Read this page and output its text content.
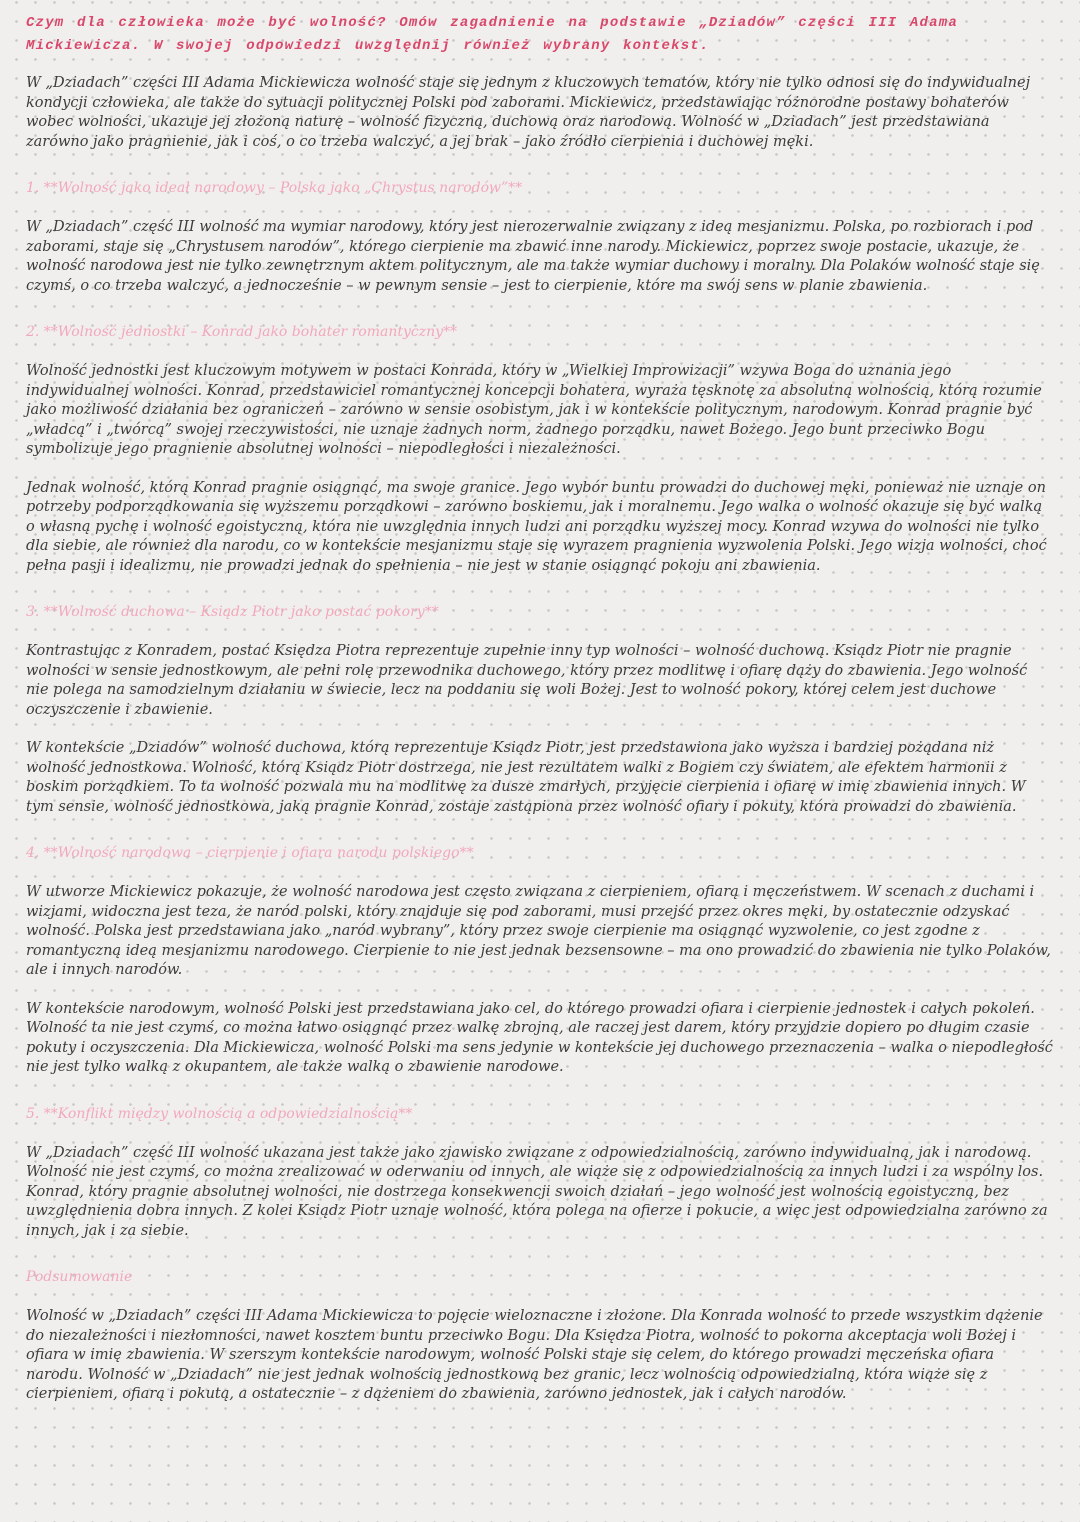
Czym dla człowieka może być wolność? Omów zagadnienie na podstawie „Dziadów” części III Adama Mickiewicza. W swojej odpowiedzi uwzględnij również wybrany kontekst.

W „Dziadach” części III Adama Mickiewicza wolność staje się jednym z kluczowych tematów, który nie tylko odnosi się do indywidualnej kondycji człowieka, ale także do sytuacji politycznej Polski pod zaborami. Mickiewicz, przedstawiając różnorodne postawy bohaterów wobec wolności, ukazuje jej złożoną naturę – wolność fizyczną, duchową oraz narodową. Wolność w „Dziadach” jest przedstawiana zarówno jako pragnienie, jak i coś, o co trzeba walczyć, a jej brak – jako źródło cierpienia i duchowej męki.

1. **Wolność jako ideał narodowy – Polska jako „Chrystus narodów”**

W „Dziadach” część III wolność ma wymiar narodowy, który jest nierozerwalnie związany z ideą mesjanizmu. Polska, po rozbiorach i pod zaborami, staje się „Chrystusem narodów”, którego cierpienie ma zbawić inne narody. Mickiewicz, poprzez swoje postacie, ukazuje, że wolność narodowa jest nie tylko zewnętrznym aktem politycznym, ale ma także wymiar duchowy i moralny. Dla Polaków wolność staje się czymś, o co trzeba walczyć, a jednocześnie – w pewnym sensie – jest to cierpienie, które ma swój sens w planie zbawienia.

2. **Wolność jednostki – Konrad jako bohater romantyczny**

Wolność jednostki jest kluczowym motywem w postaci Konrada, który w „Wielkiej Improwizacji” wzywa Boga do uznania jego indywidualnej wolności. Konrad, przedstawiciel romantycznej koncepcji bohatera, wyraża tęsknotę za absolutną wolnością, którą rozumie jako możliwość działania bez ograniczeń – zarówno w sensie osobistym, jak i w kontekście politycznym, narodowym. Konrad pragnie być „władcą” i „twórcą” swojej rzeczywistości, nie uznaje żadnych norm, żadnego porządku, nawet Bożego. Jego bunt przeciwko Bogu symbolizuje jego pragnienie absolutnej wolności – niepodległości i niezależności.

Jednak wolność, którą Konrad pragnie osiągnąć, ma swoje granice. Jego wybór buntu prowadzi do duchowej męki, ponieważ nie uznaje on potrzeby podporządkowania się wyższemu porządkowi – zarówno boskiemu, jak i moralnemu. Jego walka o wolność okazuje się być walką o własną pychę i wolność egoistyczną, która nie uwzględnia innych ludzi ani porządku wyższej mocy. Konrad wzywa do wolności nie tylko dla siebie, ale również dla narodu, co w kontekście mesjanizmu staje się wyrazem pragnienia wyzwolenia Polski. Jego wizja wolności, choć pełna pasji i idealizmu, nie prowadzi jednak do spełnienia – nie jest w stanie osiągnąć pokoju ani zbawienia.

3. **Wolność duchowa – Ksiądz Piotr jako postać pokory**

Kontrastując z Konradem, postać Księdza Piotra reprezentuje zupełnie inny typ wolności – wolność duchową. Ksiądz Piotr nie pragnie wolności w sensie jednostkowym, ale pełni rolę przewodnika duchowego, który przez modlitwę i ofiarę dąży do zbawienia. Jego wolność nie polega na samodzielnym działaniu w świecie, lecz na poddaniu się woli Bożej. Jest to wolność pokory, której celem jest duchowe oczyszczenie i zbawienie.

W kontekście „Dziadów” wolność duchowa, którą reprezentuje Ksiądz Piotr, jest przedstawiona jako wyższa i bardziej pożądana niż wolność jednostkowa. Wolność, którą Ksiądz Piotr dostrzega, nie jest rezultatem walki z Bogiem czy światem, ale efektem harmonii z boskim porządkiem. To ta wolność pozwala mu na modlitwę za dusze zmarłych, przyjęcie cierpienia i ofiarę w imię zbawienia innych. W tym sensie, wolność jednostkowa, jaką pragnie Konrad, zostaje zastąpiona przez wolność ofiary i pokuty, która prowadzi do zbawienia.

4. **Wolność narodowa – cierpienie i ofiara narodu polskiego**

W utworze Mickiewicz pokazuje, że wolność narodowa jest często związana z cierpieniem, ofiarą i męczeństwem. W scenach z duchami i wizjami, widoczna jest teza, że naród polski, który znajduje się pod zaborami, musi przejść przez okres męki, by ostatecznie odzyskać wolność. Polska jest przedstawiana jako „naród wybrany”, który przez swoje cierpienie ma osiągnąć wyzwolenie, co jest zgodne z romantyczną ideą mesjanizmu narodowego. Cierpienie to nie jest jednak bezsensowne – ma ono prowadzić do zbawienia nie tylko Polaków, ale i innych narodów.

W kontekście narodowym, wolność Polski jest przedstawiana jako cel, do którego prowadzi ofiara i cierpienie jednostek i całych pokoleń. Wolność ta nie jest czymś, co można łatwo osiągnąć przez walkę zbrojną, ale raczej jest darem, który przyjdzie dopiero po długim czasie pokuty i oczyszczenia. Dla Mickiewicza, wolność Polski ma sens jedynie w kontekście jej duchowego przeznaczenia – walka o niepodległość nie jest tylko walką z okupantem, ale także walką o zbawienie narodowe.

5. **Konflikt między wolnością a odpowiedzialnością**

W „Dziadach” część III wolność ukazana jest także jako zjawisko związane z odpowiedzialnością, zarówno indywidualną, jak i narodową. Wolność nie jest czymś, co można zrealizować w oderwaniu od innych, ale wiąże się z odpowiedzialnością za innych ludzi i za wspólny los. Konrad, który pragnie absolutnej wolności, nie dostrzega konsekwencji swoich działań – jego wolność jest wolnością egoistyczną, bez uwzględnienia dobra innych. Z kolei Ksiądz Piotr uznaje wolność, która polega na ofierze i pokucie, a więc jest odpowiedzialna zarówno za innych, jak i za siebie.

Podsumowanie

Wolność w „Dziadach” części III Adama Mickiewicza to pojęcie wieloznaczne i złożone. Dla Konrada wolność to przede wszystkim dążenie do niezależności i niezłomności, nawet kosztem buntu przeciwko Bogu. Dla Księdza Piotra, wolność to pokorna akceptacja woli Bożej i ofiara w imię zbawienia. W szerszym kontekście narodowym, wolność Polski staje się celem, do którego prowadzi męczeńska ofiara narodu. Wolność w „Dziadach” nie jest jednak wolnością jednostkową bez granic, lecz wolnością odpowiedzialną, która wiąże się z cierpieniem, ofiarą i pokutą, a ostatecznie – z dążeniem do zbawienia, zarówno jednostek, jak i całych narodów.
